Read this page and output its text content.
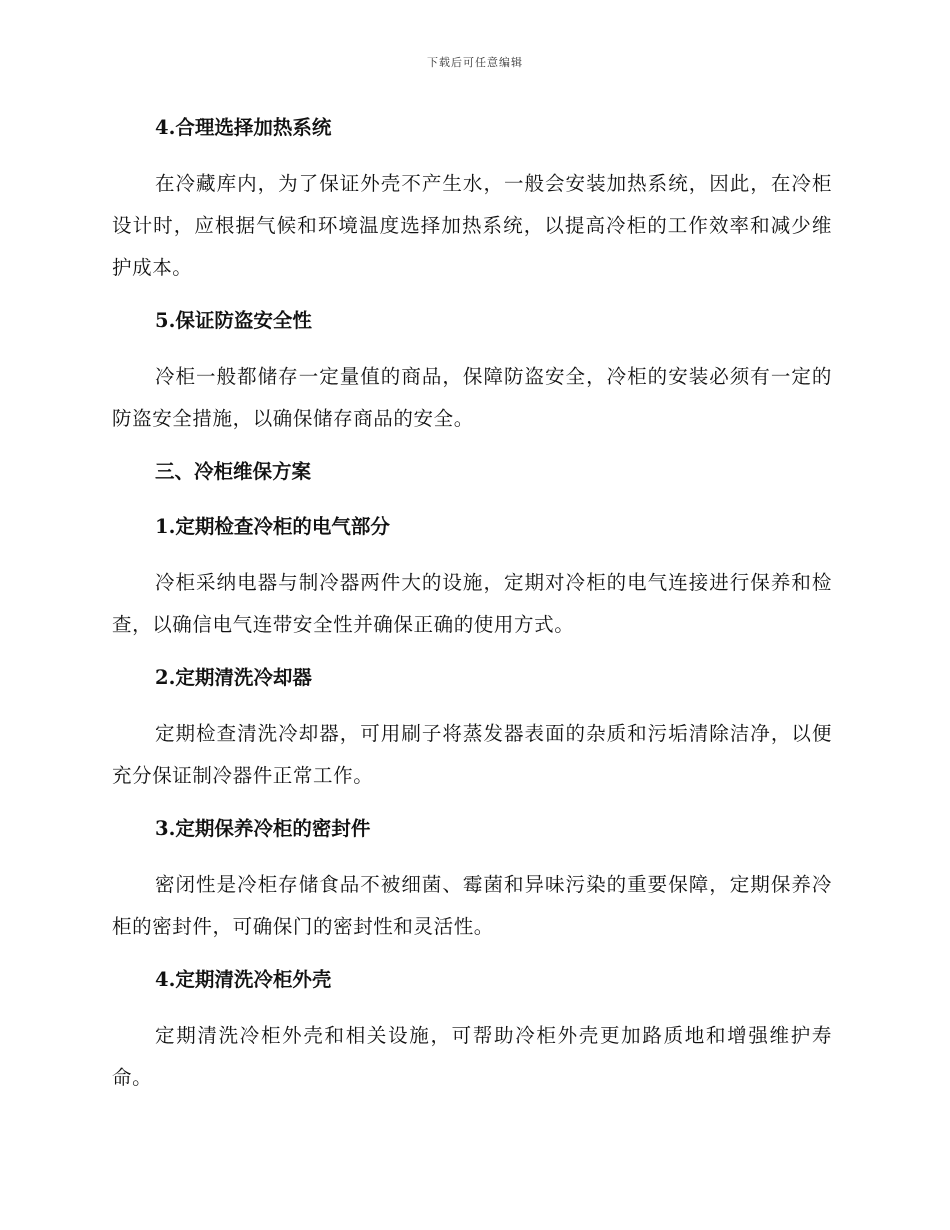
下载后可任意编辑
4.合理选择加热系统

在冷藏库内，为了保证外壳不产生水，一般会安装加热系统，因此，在冷柜设计时，应根据气候和环境温度选择加热系统，以提高冷柜的工作效率和减少维护成本。

5.保证防盗安全性

冷柜一般都储存一定量值的商品，保障防盗安全，冷柜的安装必须有一定的防盗安全措施，以确保储存商品的安全。

三、冷柜维保方案
1.定期检查冷柜的电气部分

冷柜采纳电器与制冷器两件大的设施，定期对冷柜的电气连接进行保养和检查，以确信电气连带安全性并确保正确的使用方式。

2.定期清洗冷却器

定期检查清洗冷却器，可用刷子将蒸发器表面的杂质和污垢清除洁净，以便充分保证制冷器件正常工作。

3.定期保养冷柜的密封件

密闭性是冷柜存储食品不被细菌、霉菌和异味污染的重要保障，定期保养冷柜的密封件，可确保门的密封性和灵活性。

4.定期清洗冷柜外壳

定期清洗冷柜外壳和相关设施，可帮助冷柜外壳更加路质地和增强维护寿命。
